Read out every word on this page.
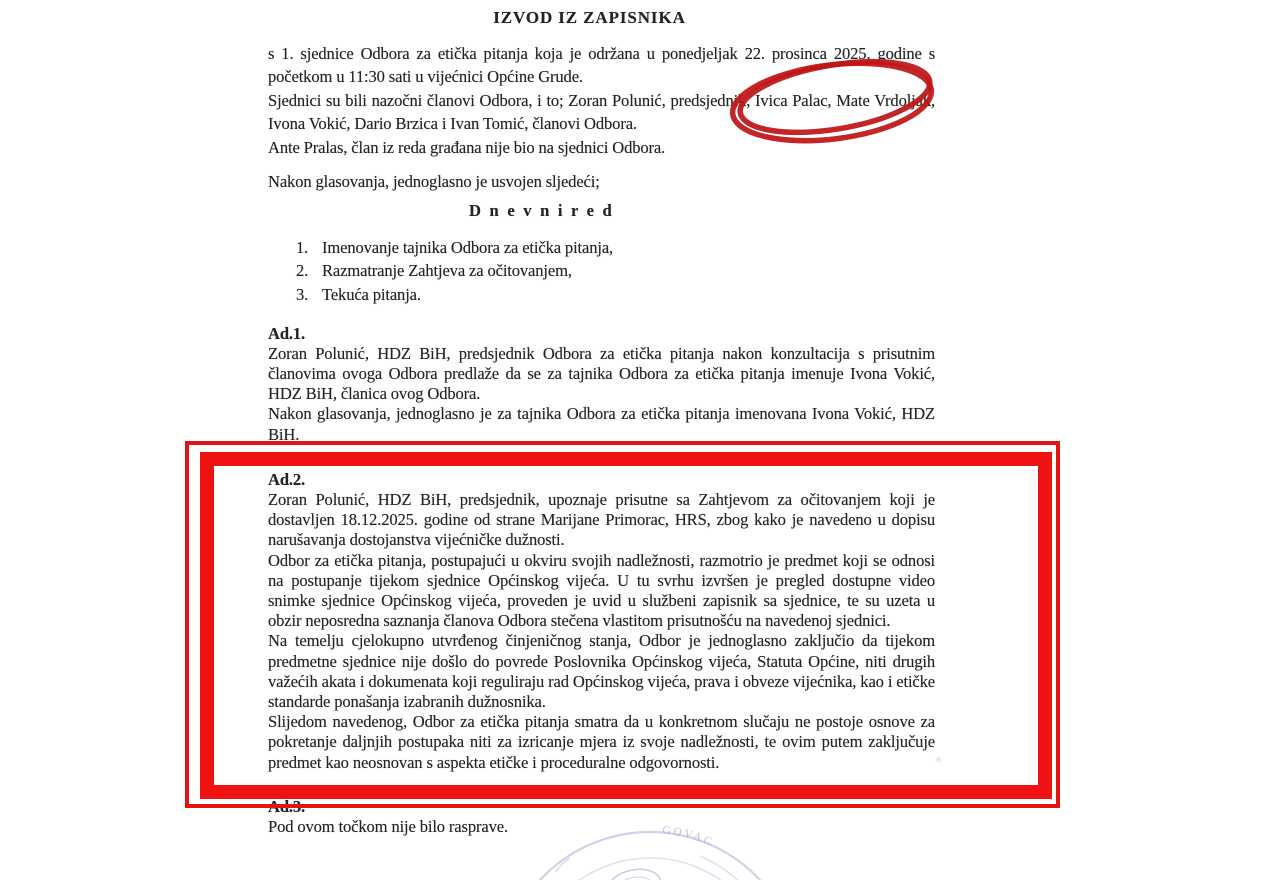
IZVOD IZ ZAPISNIKA

s 1. sjednice Odbora za etička pitanja koja je održana u ponedjeljak 22. prosinca 2025. godine s početkom u 11:30 sati u vijećnici Općine Grude.

Sjednici su bili nazočni članovi Odbora, i to; Zoran Polunić, predsjednik, Ivica Palac, Mate Vrdoljak, Ivona Vokić, Dario Brzica i Ivan Tomić, članovi Odbora.

Ante Pralas, član iz reda građana nije bio na sjednici Odbora.

Nakon glasovanja, jednoglasno je usvojen sljedeći;

D n e v n i r e d
1. Imenovanje tajnika Odbora za etička pitanja,
2. Razmatranje Zahtjeva za očitovanjem,
3. Tekuća pitanja.
Ad.1.

Zoran Polunić, HDZ BiH, predsjednik Odbora za etička pitanja nakon konzultacija s prisutnim članovima ovoga Odbora predlaže da se za tajnika Odbora za etička pitanja imenuje Ivona Vokić, HDZ BiH, članica ovog Odbora.

Nakon glasovanja, jednoglasno je za tajnika Odbora za etička pitanja imenovana Ivona Vokić, HDZ BiH.

Ad.2.

Zoran Polunić, HDZ BiH, predsjednik, upoznaje prisutne sa Zahtjevom za očitovanjem koji je dostavljen 18.12.2025. godine od strane Marijane Primorac, HRS, zbog kako je navedeno u dopisu narušavanja dostojanstva vijećničke dužnosti.

Odbor za etička pitanja, postupajući u okviru svojih nadležnosti, razmotrio je predmet koji se odnosi na postupanje tijekom sjednice Općinskog vijeća. U tu svrhu izvršen je pregled dostupne video snimke sjednice Općinskog vijeća, proveden je uvid u službeni zapisnik sa sjednice, te su uzeta u obzir neposredna saznanja članova Odbora stečena vlastitom prisutnošću na navedenoj sjednici.

Na temelju cjelokupno utvrđenog činjeničnog stanja, Odbor je jednoglasno zaključio da tijekom predmetne sjednice nije došlo do povrede Poslovnika Općinskog vijeća, Statuta Općine, niti drugih važećih akata i dokumenata koji reguliraju rad Općinskog vijeća, prava i obveze vijećnika, kao i etičke standarde ponašanja izabranih dužnosnika.

Slijedom navedenog, Odbor za etička pitanja smatra da u konkretnom slučaju ne postoje osnove za pokretanje daljnjih postupaka niti za izricanje mjera iz svoje nadležnosti, te ovim putem zaključuje predmet kao neosnovan s aspekta etičke i proceduralne odgovornosti.

Ad.3.

Pod ovom točkom nije bilo rasprave.	GOVAC
